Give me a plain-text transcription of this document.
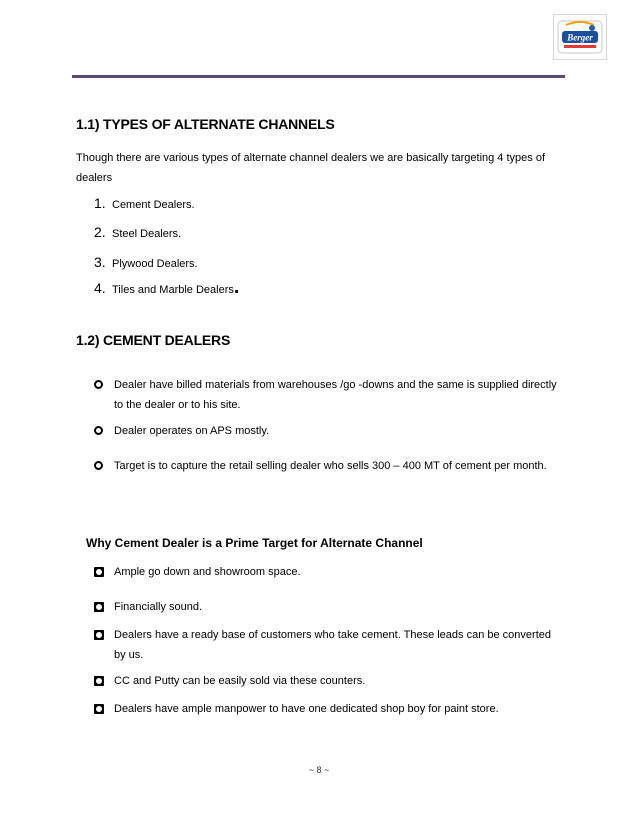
Berger
1.1) TYPES OF ALTERNATE CHANNELS
Though there are various types of alternate channel dealers we are basically targeting 4 types of dealers
1. Cement Dealers.
2. Steel Dealers.
3. Plywood Dealers.
4. Tiles and Marble Dealers.
1.2) CEMENT DEALERS
Dealer have billed materials from warehouses /go -downs and the same is supplied directly to the dealer or to his site.
Dealer operates on APS mostly.
Target is to capture the retail selling dealer who sells 300 – 400 MT of cement per month.
Why Cement Dealer is a Prime Target for Alternate Channel
Ample go down and showroom space.
Financially sound.
Dealers have a ready base of customers who take cement. These leads can be converted by us.
CC and Putty can be easily sold via these counters.
Dealers have ample manpower to have one dedicated shop boy for paint store.
~ 8 ~
